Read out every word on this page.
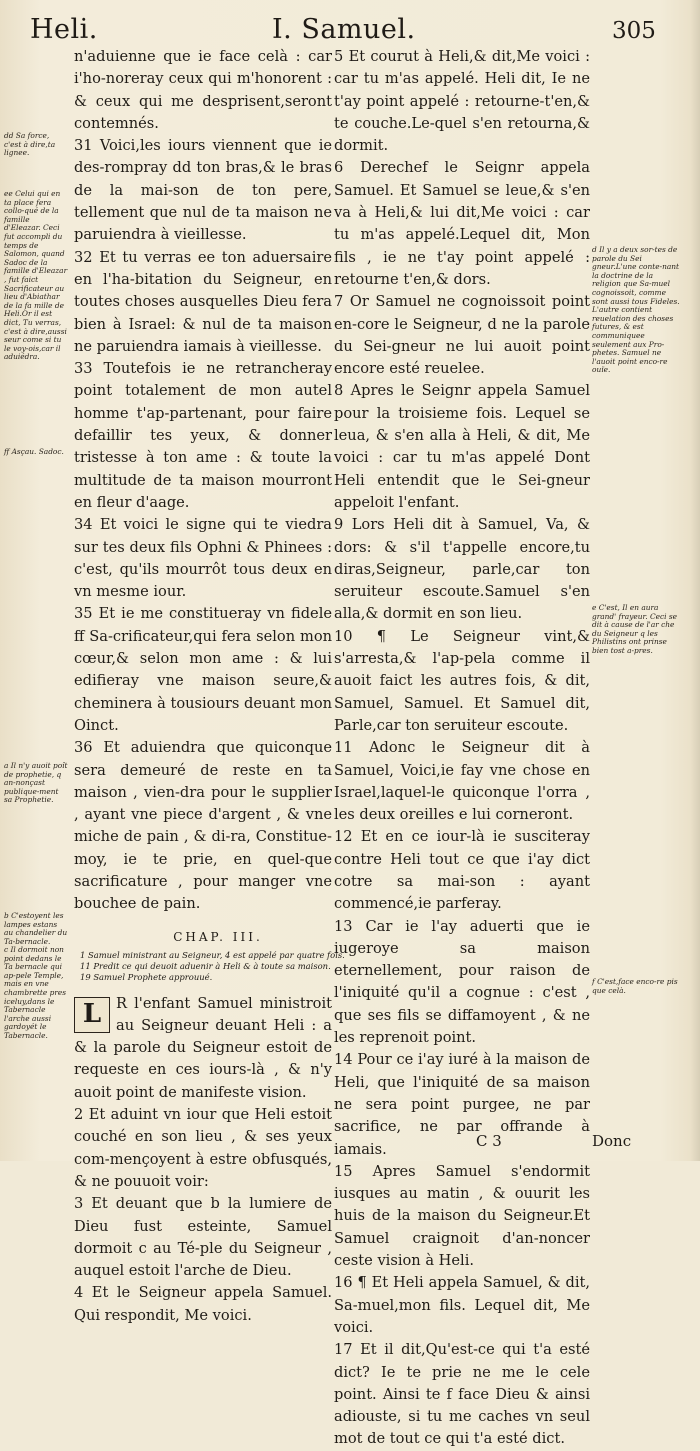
Heli.	I. Samuel.	305
dd Sa force, c'est à dire,ta lignee.
ee Celui qui en ta place fera collo-qué de la famille d'Eleazar. Ceci fut accompli du temps de Salomon, quand Sadoc de la famille d'Eleazar , fut faict Sacrificateur au lieu d'Abiathar de la fa mille de Heli.Or il est dict, Tu verras, c'est à dire,aussi seur come si tu le voy-ois,car il aduiédra.
ff Asçau. Sadoc.
a Il n'y auoit poît de prophetie, q an-nonçast publique-ment sa Prophetie.
b C'estoyent les lampes estans au chandelier du Ta-bernacle.
c Il dormoit non point dedans le Ta bernacle qui ap-pele Temple, mais en vne chambrette pres iceluy,dans le Tabernacle l'arche aussi gardoyét le Tabernacle.
d Il y a deux sor-tes de parole du Sei gneur.L'une conte-nant la doctrine de la religion que Sa-muel cognoissoit, comme sont aussi tous Fideles. L'autre contient reuelation des choses futures, & est communiquee seulement aux Pro-phetes. Samuel ne l'auoit point enco-re ouïe.
e C'est, Il en aura grand' frayeur. Ceci se dit à cause de l'ar che du Seigneur q les Philistins ont prinse bien tost a-pres.
f C'est,face enco-re pis que celà.
n'aduienne que ie face celà : car i'ho-noreray ceux qui m'honorent : & ceux qui me desprisent,seront contemnés.
31 Voici,les iours viennent que ie des-rompray dd ton bras,& le bras de la mai-son de ton pere, tellement que nul de ta maison ne paruiendra à vieillesse.
32 Et tu verras ee ton aduersaire en l'ha-bitation du Seigneur, en toutes choses ausquelles Dieu fera bien à Israel: & nul de ta maison ne paruiendra iamais à vieillesse.
33 Toutefois ie ne retrancheray point totalement de mon autel homme t'ap-partenant, pour faire defaillir tes yeux, & donner tristesse à ton ame : & toute la multitude de ta maison mourront en fleur d'aage.
34 Et voici le signe qui te viedra sur tes deux fils Ophni & Phinees : c'est, qu'ils mourrôt tous deux en vn mesme iour.
35 Et ie me constitueray vn fidele ff Sa-crificateur,qui fera selon mon cœur,& selon mon ame : & lui edifieray vne maison seure,& cheminera à tousiours deuant mon Oinct.
36 Et aduiendra que quiconque sera demeuré de reste en ta maison , vien-dra pour le supplier , ayant vne piece d'argent , & vne miche de pain , & di-ra, Constitue-moy, ie te prie, en quel-que sacrificature , pour manger vne bouchee de pain.
CHAP. III.
1 Samuel ministrant au Seigneur, 4 est appelé par quatre fois.
11 Predit ce qui deuoit aduenir à Heli & à toute sa maison.
19 Samuel Prophete approuué.
L	R l'enfant Samuel ministroit au Seigneur deuant Heli : a & la parole du Seigneur estoit de requeste en ces iours-là , & n'y auoit point de manifeste vision.
2 Et aduint vn iour que Heli estoit couché en son lieu , & ses yeux com-mençoyent à estre obfusqués, & ne pouuoit voir:
3 Et deuant que b la lumiere de Dieu fust esteinte, Samuel dormoit c au Té-ple du Seigneur , auquel estoit l'arche de Dieu.
4 Et le Seigneur appela Samuel. Qui respondit, Me voici.
5 Et courut à Heli,& dit,Me voici : car tu m'as appelé. Heli dit, Ie ne t'ay point appelé : retourne-t'en,& te couche.Le-quel s'en retourna,& dormit.
6 Derechef le Seignr appela Samuel. Et Samuel se leue,& s'en va à Heli,& lui dit,Me voici : car tu m'as appelé.Lequel dit, Mon fils , ie ne t'ay point appelé : retourne t'en,& dors.
7 Or Samuel ne cognoissoit point en-core le Seigneur, d ne la parole du Sei-gneur ne lui auoit point encore esté reuelee.
8 Apres le Seignr appela Samuel pour la troisieme fois. Lequel se leua, & s'en alla à Heli, & dit, Me voici : car tu m'as appelé Dont Heli entendit que le Sei-gneur appeloit l'enfant.
9 Lors Heli dit à Samuel, Va, & dors: & s'il t'appelle encore,tu diras,Seigneur, parle,car ton seruiteur escoute.Samuel s'en alla,& dormit en son lieu.
10 ¶ Le Seigneur vint,& s'arresta,& l'ap-pela comme il auoit faict les autres fois, & dit, Samuel, Samuel. Et Samuel dit, Parle,car ton seruiteur escoute.
11 Adonc le Seigneur dit à Samuel, Voici,ie fay vne chose en Israel,laquel-le quiconque l'orra , les deux oreilles e lui corneront.
12 Et en ce iour-là ie susciteray contre Heli tout ce que i'ay dict cotre sa mai-son : ayant commencé,ie parferay.
13 Car ie l'ay aduerti que ie iugeroye sa maison eternellement, pour raison de l'iniquité qu'il a cognue : c'est , que ses fils se diffamoyent , & ne les reprenoit point.
14 Pour ce i'ay iuré à la maison de Heli, que l'iniquité de sa maison ne sera point purgee, ne par sacrifice, ne par offrande à iamais.
15 Apres Samuel s'endormit iusques au matin , & ouurit les huis de la maison du Seigneur.Et Samuel craignoit d'an-noncer ceste vision à Heli.
16 ¶ Et Heli appela Samuel, & dit, Sa-muel,mon fils. Lequel dit, Me voici.
17 Et il dit,Qu'est-ce qui t'a esté dict? Ie te prie ne me le cele point. Ainsi te f face Dieu & ainsi adiouste, si tu me caches vn seul mot de tout ce qui t'a esté dict.
C 3	Donc
